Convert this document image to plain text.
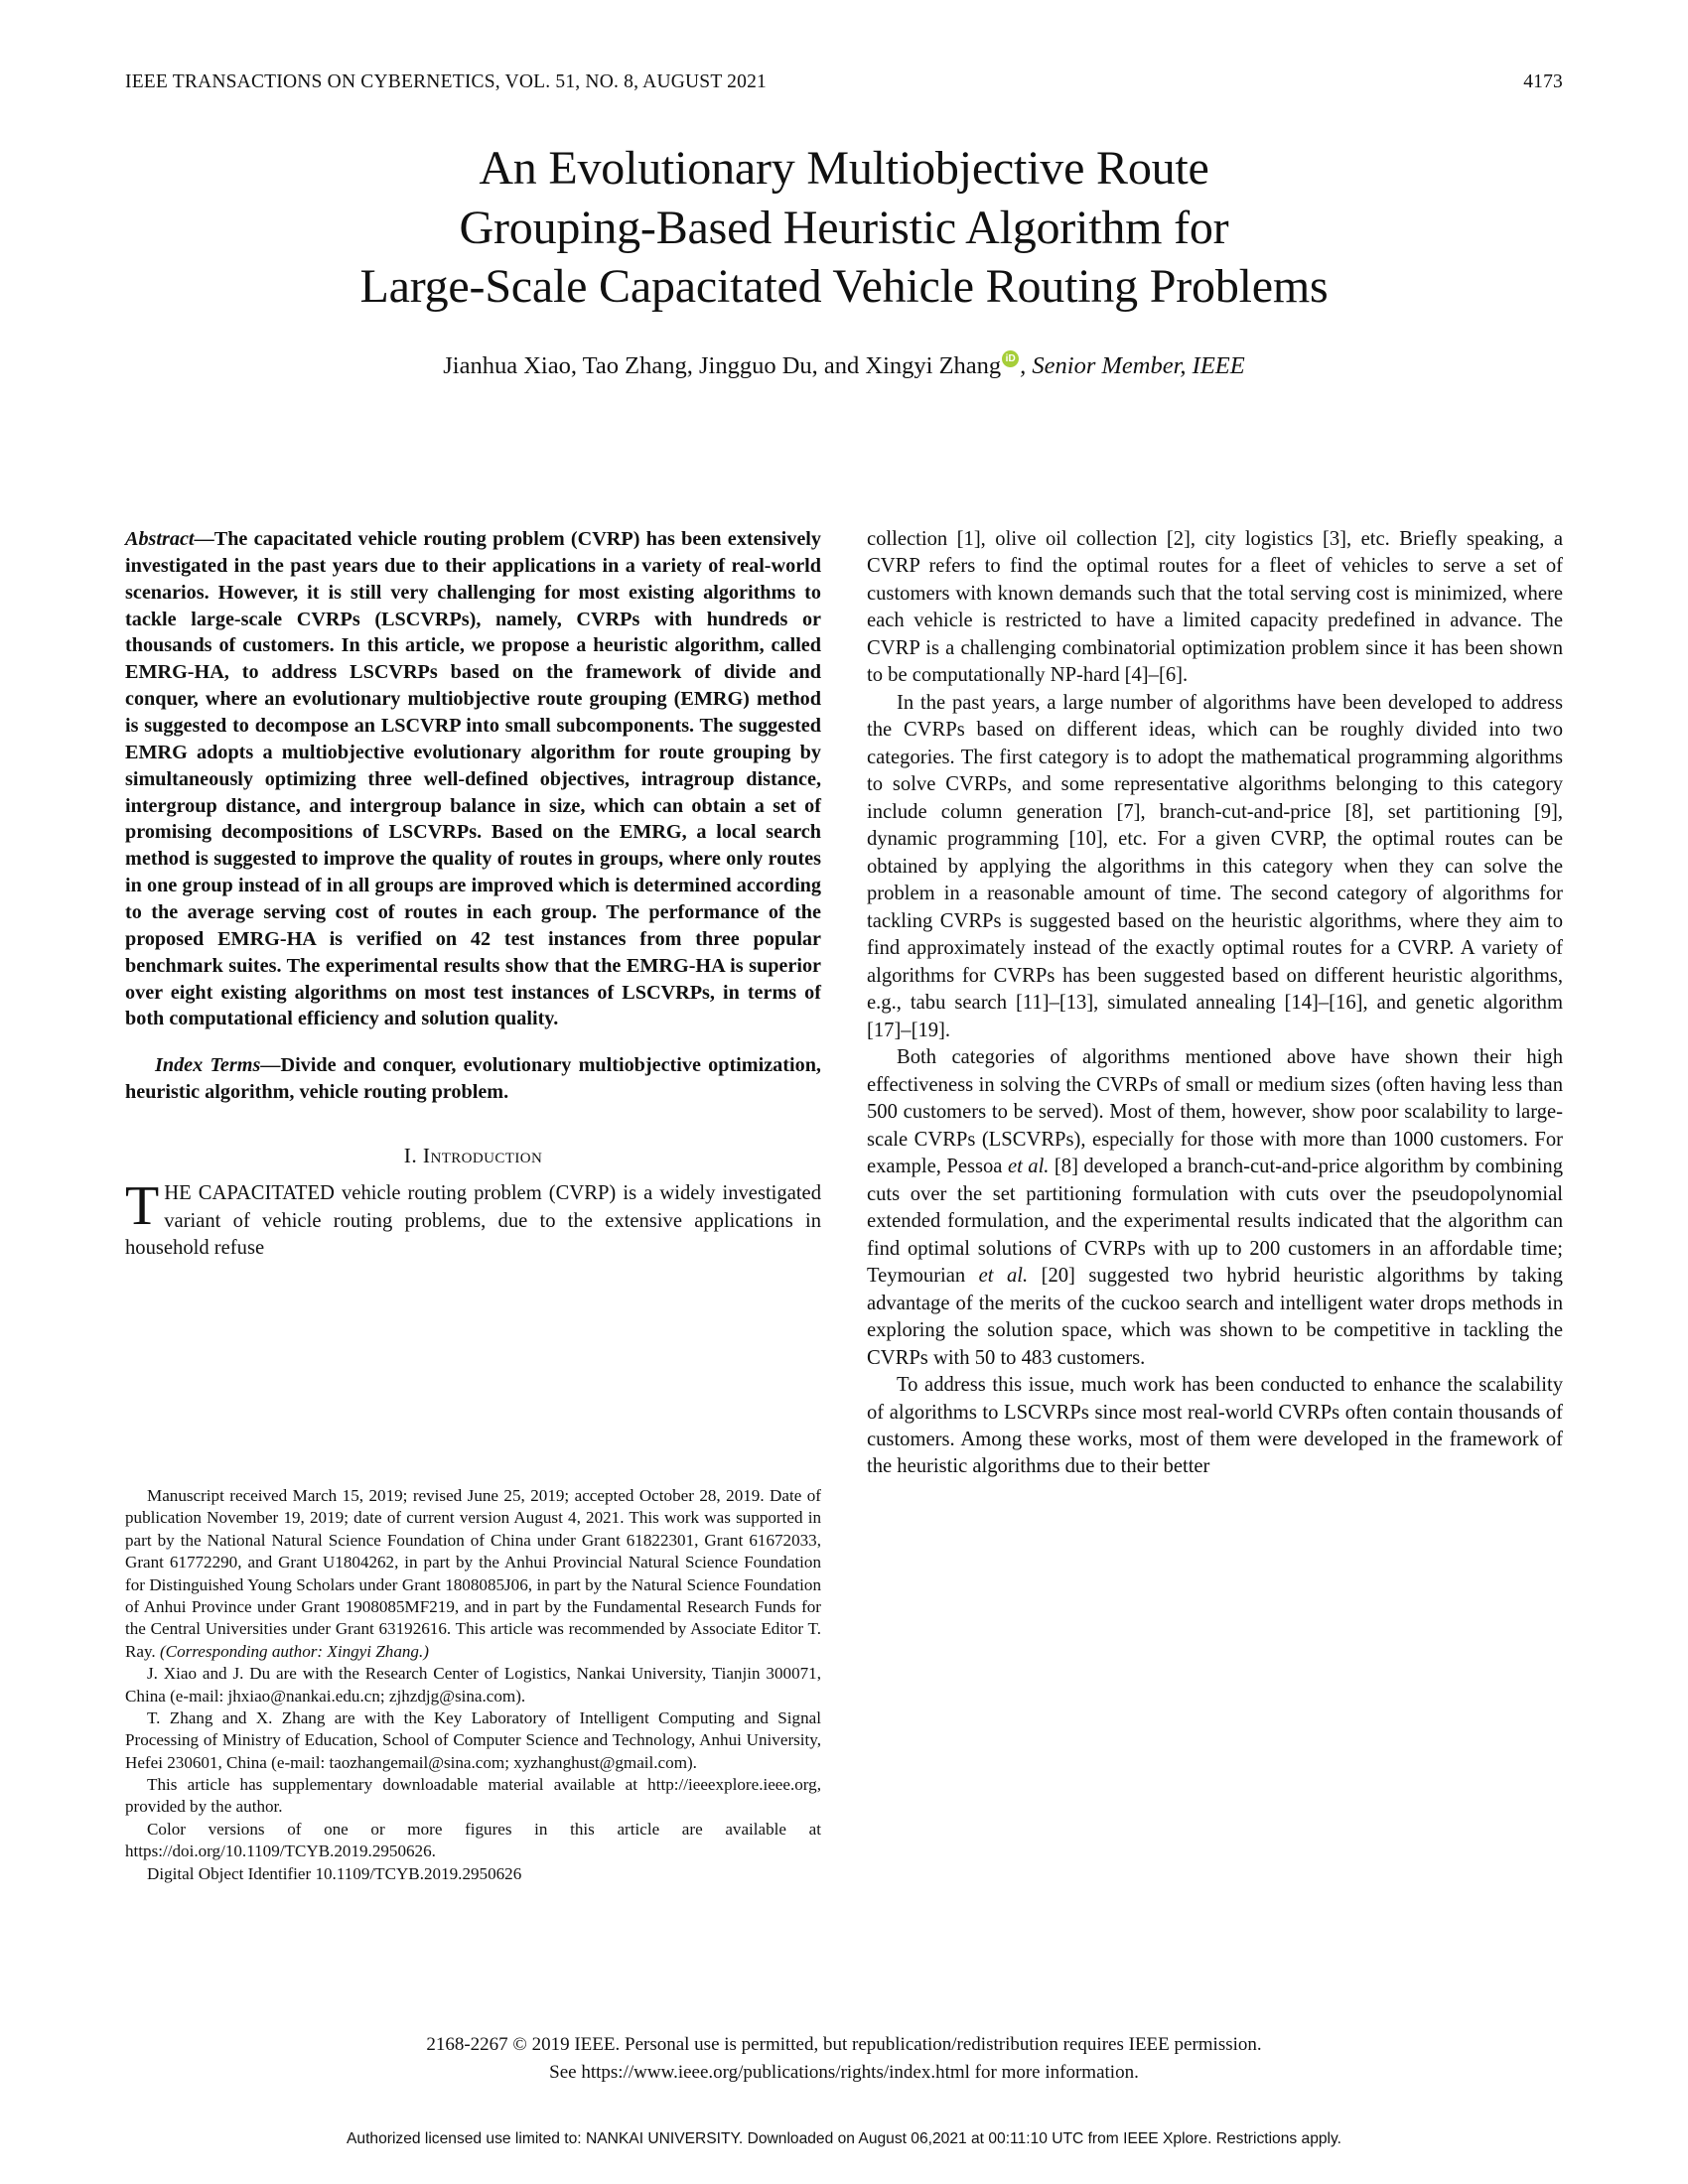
IEEE TRANSACTIONS ON CYBERNETICS, VOL. 51, NO. 8, AUGUST 2021	4173
An Evolutionary Multiobjective Route
Grouping-Based Heuristic Algorithm for
Large-Scale Capacitated Vehicle Routing Problems
Jianhua Xiao, Tao Zhang, Jingguo Du, and Xingyi Zhang iD , Senior Member, IEEE

Abstract—The capacitated vehicle routing problem (CVRP) has been extensively investigated in the past years due to their applications in a variety of real-world scenarios. However, it is still very challenging for most existing algorithms to tackle large-scale CVRPs (LSCVRPs), namely, CVRPs with hundreds or thousands of customers. In this article, we propose a heuristic algorithm, called EMRG-HA, to address LSCVRPs based on the framework of divide and conquer, where an evolutionary multiobjective route grouping (EMRG) method is suggested to decompose an LSCVRP into small subcomponents. The suggested EMRG adopts a multiobjective evolutionary algorithm for route grouping by simultaneously optimizing three well-defined objectives, intragroup distance, intergroup distance, and intergroup balance in size, which can obtain a set of promising decompositions of LSCVRPs. Based on the EMRG, a local search method is suggested to improve the quality of routes in groups, where only routes in one group instead of in all groups are improved which is determined according to the average serving cost of routes in each group. The performance of the proposed EMRG-HA is verified on 42 test instances from three popular benchmark suites. The experimental results show that the EMRG-HA is superior over eight existing algorithms on most test instances of LSCVRPs, in terms of both computational efficiency and solution quality.

Index Terms—Divide and conquer, evolutionary multiobjective optimization, heuristic algorithm, vehicle routing problem.

I. Introduction
THE CAPACITATED vehicle routing problem (CVRP) is a widely investigated variant of vehicle routing problems, due to the extensive applications in household refuse

Manuscript received March 15, 2019; revised June 25, 2019; accepted October 28, 2019. Date of publication November 19, 2019; date of current version August 4, 2021. This work was supported in part by the National Natural Science Foundation of China under Grant 61822301, Grant 61672033, Grant 61772290, and Grant U1804262, in part by the Anhui Provincial Natural Science Foundation for Distinguished Young Scholars under Grant 1808085J06, in part by the Natural Science Foundation of Anhui Province under Grant 1908085MF219, and in part by the Fundamental Research Funds for the Central Universities under Grant 63192616. This article was recommended by Associate Editor T. Ray. (Corresponding author: Xingyi Zhang.)

J. Xiao and J. Du are with the Research Center of Logistics, Nankai University, Tianjin 300071, China (e-mail: jhxiao@nankai.edu.cn; zjhzdjg@sina.com).

T. Zhang and X. Zhang are with the Key Laboratory of Intelligent Computing and Signal Processing of Ministry of Education, School of Computer Science and Technology, Anhui University, Hefei 230601, China (e-mail: taozhangemail@sina.com; xyzhanghust@gmail.com).

This article has supplementary downloadable material available at http://ieeexplore.ieee.org, provided by the author.

Color versions of one or more figures in this article are available at https://doi.org/10.1109/TCYB.2019.2950626.

Digital Object Identifier 10.1109/TCYB.2019.2950626

collection [1], olive oil collection [2], city logistics [3], etc. Briefly speaking, a CVRP refers to find the optimal routes for a fleet of vehicles to serve a set of customers with known demands such that the total serving cost is minimized, where each vehicle is restricted to have a limited capacity predefined in advance. The CVRP is a challenging combinatorial optimization problem since it has been shown to be computationally NP-hard [4]–[6].

In the past years, a large number of algorithms have been developed to address the CVRPs based on different ideas, which can be roughly divided into two categories. The first category is to adopt the mathematical programming algorithms to solve CVRPs, and some representative algorithms belonging to this category include column generation [7], branch-cut-and-price [8], set partitioning [9], dynamic programming [10], etc. For a given CVRP, the optimal routes can be obtained by applying the algorithms in this category when they can solve the problem in a reasonable amount of time. The second category of algorithms for tackling CVRPs is suggested based on the heuristic algorithms, where they aim to find approximately instead of the exactly optimal routes for a CVRP. A variety of algorithms for CVRPs has been suggested based on different heuristic algorithms, e.g., tabu search [11]–[13], simulated annealing [14]–[16], and genetic algorithm [17]–[19].

Both categories of algorithms mentioned above have shown their high effectiveness in solving the CVRPs of small or medium sizes (often having less than 500 customers to be served). Most of them, however, show poor scalability to large-scale CVRPs (LSCVRPs), especially for those with more than 1000 customers. For example, Pessoa et al. [8] developed a branch-cut-and-price algorithm by combining cuts over the set partitioning formulation with cuts over the pseudopolynomial extended formulation, and the experimental results indicated that the algorithm can find optimal solutions of CVRPs with up to 200 customers in an affordable time; Teymourian et al. [20] suggested two hybrid heuristic algorithms by taking advantage of the merits of the cuckoo search and intelligent water drops methods in exploring the solution space, which was shown to be competitive in tackling the CVRPs with 50 to 483 customers.

To address this issue, much work has been conducted to enhance the scalability of algorithms to LSCVRPs since most real-world CVRPs often contain thousands of customers. Among these works, most of them were developed in the framework of the heuristic algorithms due to their better

2168-2267 © 2019 IEEE. Personal use is permitted, but republication/redistribution requires IEEE permission.
See https://www.ieee.org/publications/rights/index.html for more information.
Authorized licensed use limited to: NANKAI UNIVERSITY. Downloaded on August 06,2021 at 00:11:10 UTC from IEEE Xplore. Restrictions apply.
